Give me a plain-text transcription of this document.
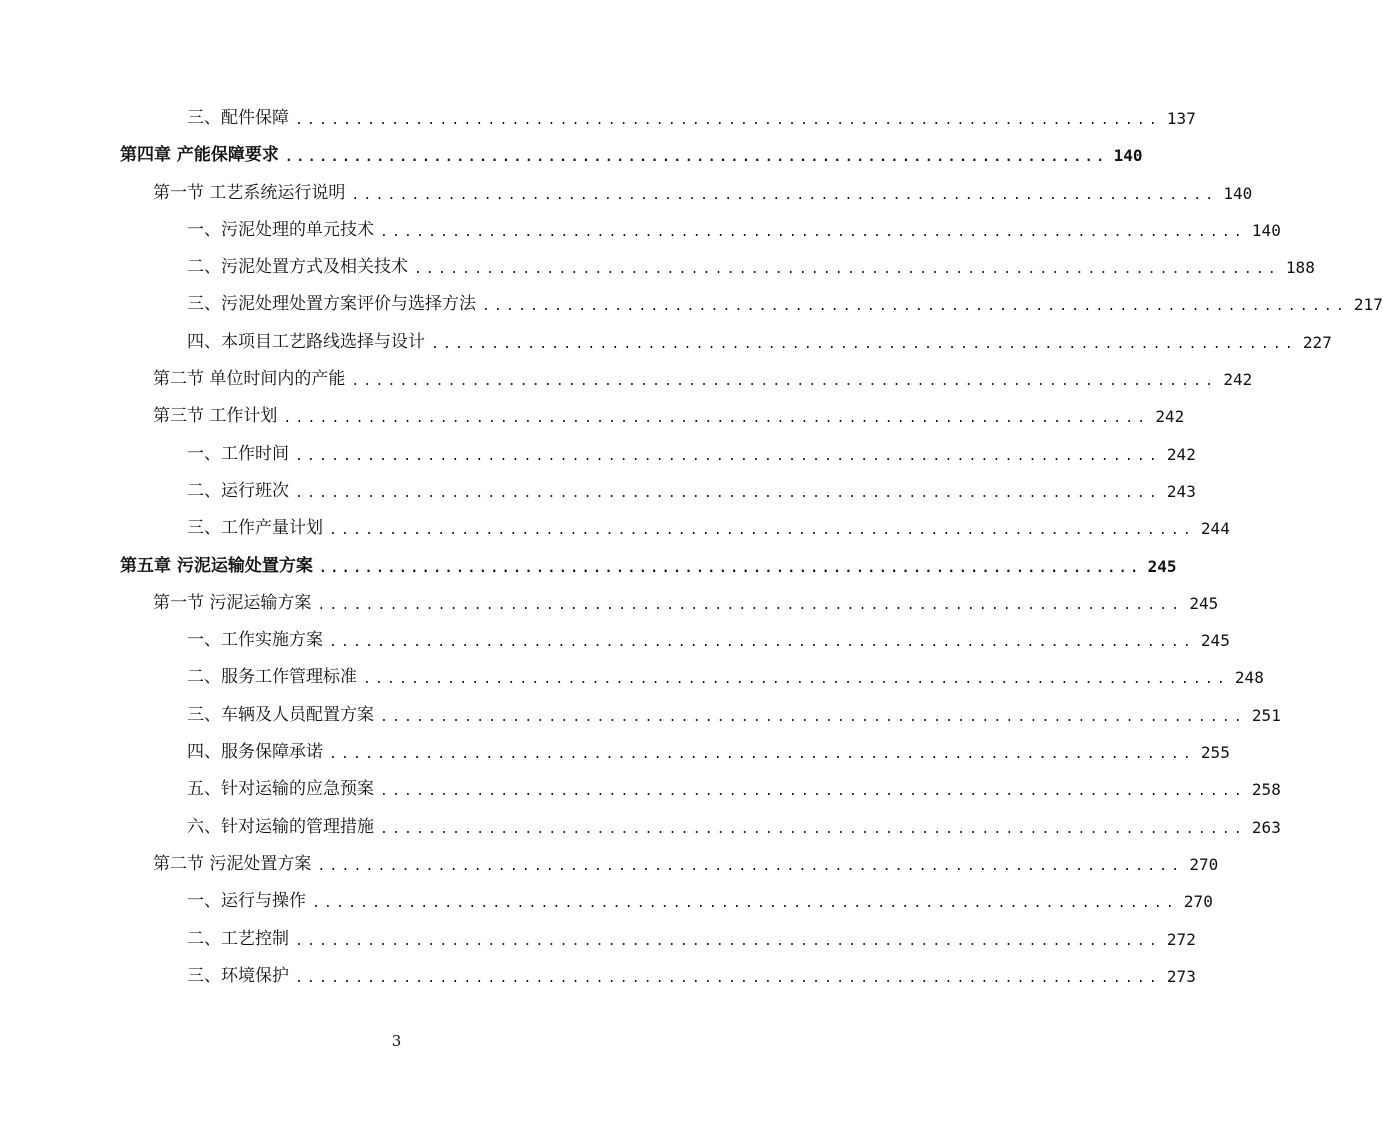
三、配件保障 ........................................................................ 137
第四章 产能保障要求 ........................................................................ 140
第一节 工艺系统运行说明 ........................................................................ 140
一、污泥处理的单元技术 ........................................................................ 140
二、污泥处置方式及相关技术 ........................................................................ 188
三、污泥处理处置方案评价与选择方法 ........................................................................ 217
四、本项目工艺路线选择与设计 ........................................................................ 227
第二节 单位时间内的产能 ........................................................................ 242
第三节 工作计划 ........................................................................ 242
一、工作时间 ........................................................................ 242
二、运行班次 ........................................................................ 243
三、工作产量计划 ........................................................................ 244
第五章 污泥运输处置方案 ........................................................................ 245
第一节 污泥运输方案 ........................................................................ 245
一、工作实施方案 ........................................................................ 245
二、服务工作管理标准 ........................................................................ 248
三、车辆及人员配置方案 ........................................................................ 251
四、服务保障承诺 ........................................................................ 255
五、针对运输的应急预案 ........................................................................ 258
六、针对运输的管理措施 ........................................................................ 263
第二节 污泥处置方案 ........................................................................ 270
一、运行与操作 ........................................................................ 270
二、工艺控制 ........................................................................ 272
三、环境保护 ........................................................................ 273
3
